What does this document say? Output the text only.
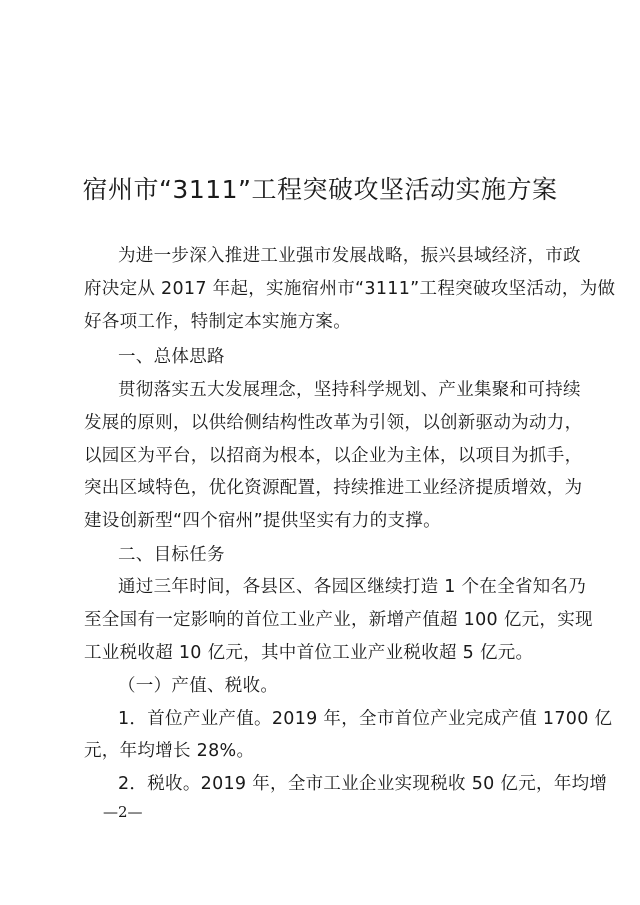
宿州市“3111”工程突破攻坚活动实施方案
为进一步深入推进工业强市发展战略，振兴县域经济，市政
府决定从 2017 年起，实施宿州市“3111”工程突破攻坚活动，为做
好各项工作，特制定本实施方案。
一、总体思路
贯彻落实五大发展理念，坚持科学规划、产业集聚和可持续
发展的原则，以供给侧结构性改革为引领，以创新驱动为动力，
以园区为平台，以招商为根本，以企业为主体，以项目为抓手，
突出区域特色，优化资源配置，持续推进工业经济提质增效，为
建设创新型“四个宿州”提供坚实有力的支撑。
二、目标任务
通过三年时间，各县区、各园区继续打造 1 个在全省知名乃
至全国有一定影响的首位工业产业，新增产值超 100 亿元，实现
工业税收超 10 亿元，其中首位工业产业税收超 5 亿元。
（一）产值、税收。
1．首位产业产值。2019 年，全市首位产业完成产值 1700 亿
元，年均增长 28%。
2．税收。2019 年，全市工业企业实现税收 50 亿元，年均增
—2—
